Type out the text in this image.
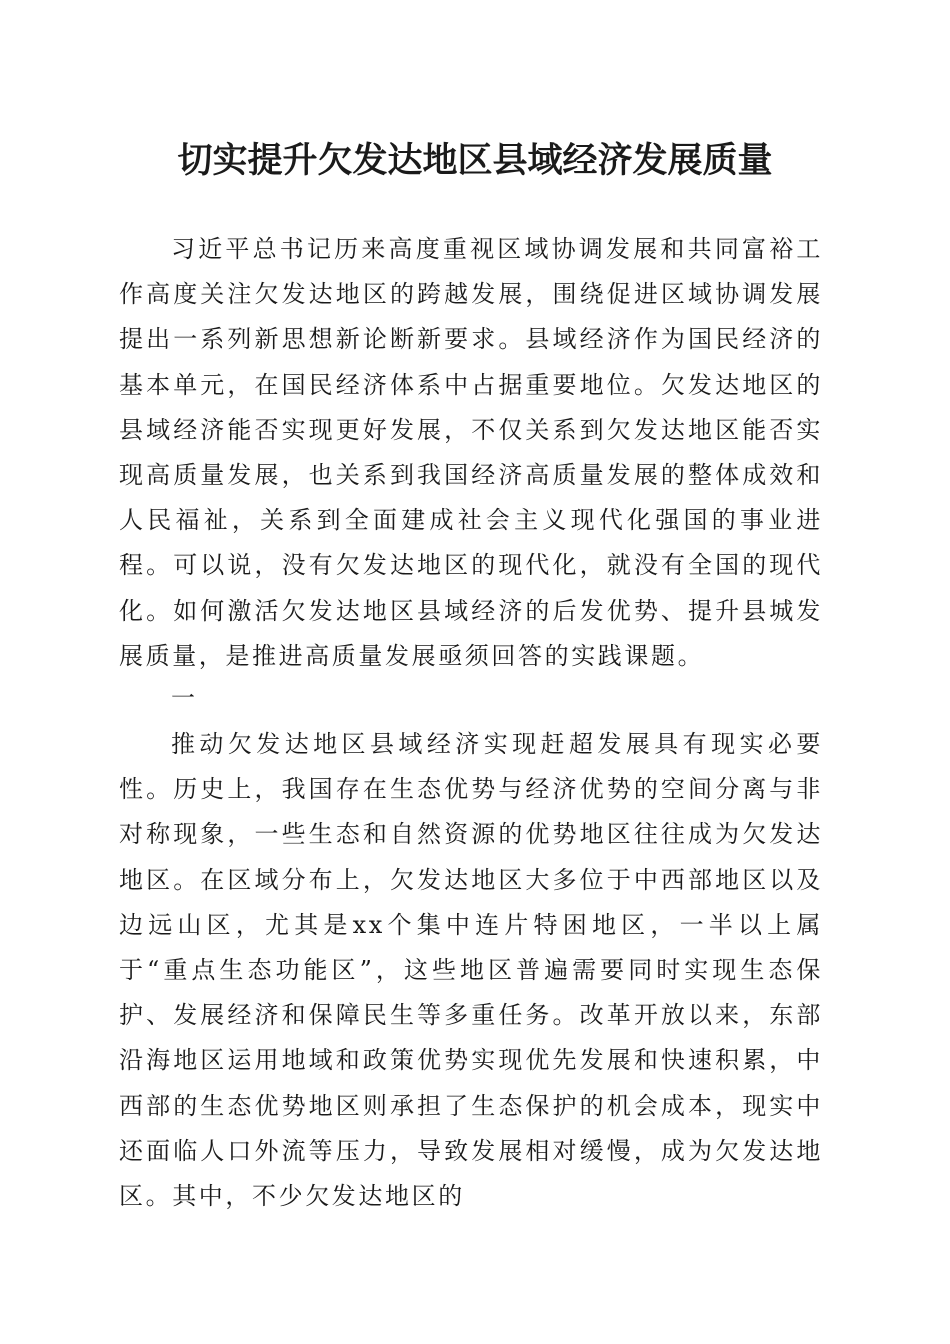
切实提升欠发达地区县域经济发展质量

习近平总书记历来高度重视区域协调发展和共同富裕工作高度关注欠发达地区的跨越发展，围绕促进区域协调发展提出一系列新思想新论断新要求。县域经济作为国民经济的基本单元，在国民经济体系中占据重要地位。欠发达地区的县域经济能否实现更好发展，不仅关系到欠发达地区能否实现高质量发展，也关系到我国经济高质量发展的整体成效和人民福祉，关系到全面建成社会主义现代化强国的事业进程。可以说，没有欠发达地区的现代化，就没有全国的现代化。如何激活欠发达地区县域经济的后发优势、提升县城发展质量，是推进高质量发展亟须回答的实践课题。

一

推动欠发达地区县域经济实现赶超发展具有现实必要性。历史上，我国存在生态优势与经济优势的空间分离与非对称现象，一些生态和自然资源的优势地区往往成为欠发达地区。在区域分布上，欠发达地区大多位于中西部地区以及边远山区，尤其是xx个集中连片特困地区，一半以上属于“重点生态功能区”，这些地区普遍需要同时实现生态保护、发展经济和保障民生等多重任务。改革开放以来，东部沿海地区运用地域和政策优势实现优先发展和快速积累，中西部的生态优势地区则承担了生态保护的机会成本，现实中还面临人口外流等压力，导致发展相对缓慢，成为欠发达地区。其中，不少欠发达地区的
